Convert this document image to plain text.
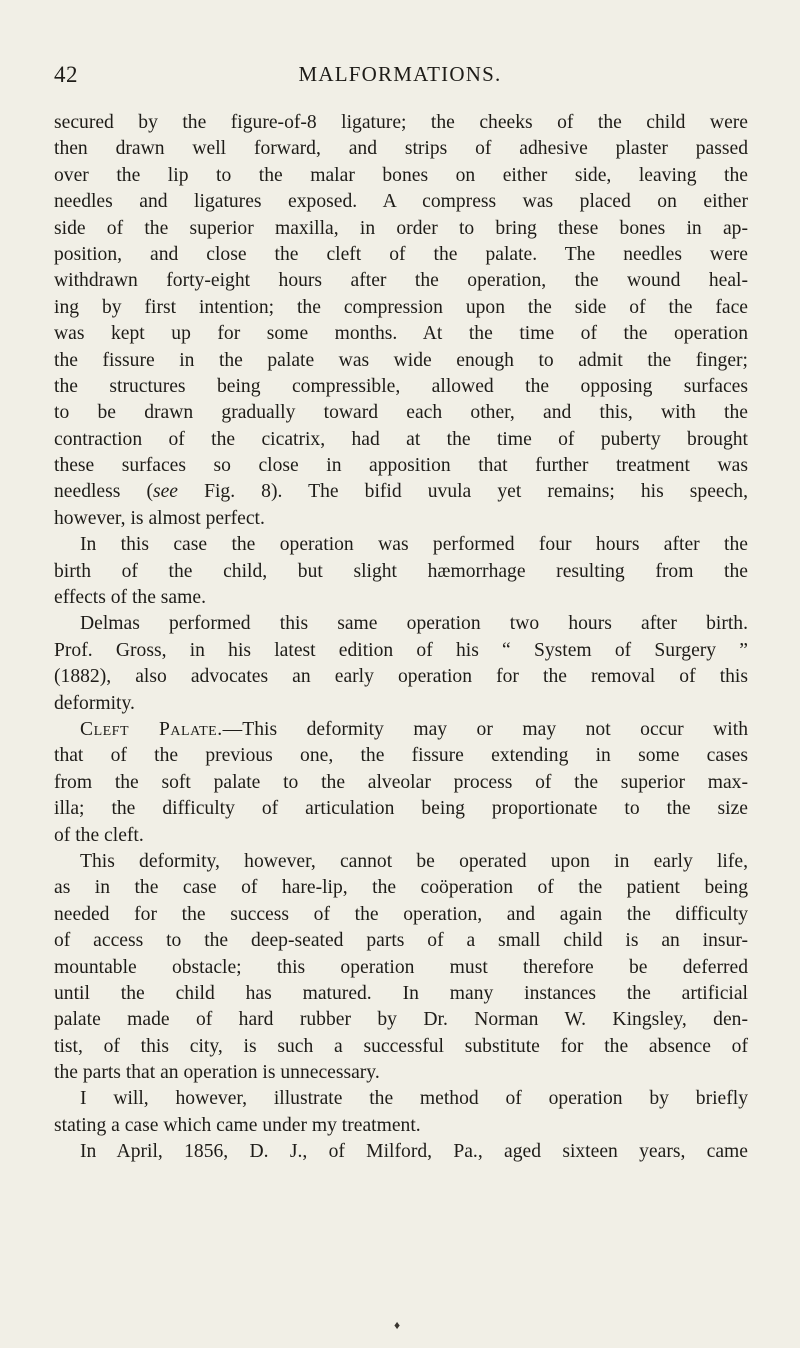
42	MALFORMATIONS.
secured by the figure-of-8 ligature; the cheeks of the child were
then drawn well forward, and strips of adhesive plaster passed
over the lip to the malar bones on either side, leaving the
needles and ligatures exposed. A compress was placed on either
side of the superior maxilla, in order to bring these bones in ap-
position, and close the cleft of the palate. The needles were
withdrawn forty-eight hours after the operation, the wound heal-
ing by first intention; the compression upon the side of the face
was kept up for some months. At the time of the operation
the fissure in the palate was wide enough to admit the finger;
the structures being compressible, allowed the opposing surfaces
to be drawn gradually toward each other, and this, with the
contraction of the cicatrix, had at the time of puberty brought
these surfaces so close in apposition that further treatment was
needless (see Fig. 8). The bifid uvula yet remains; his speech,
however, is almost perfect.
In this case the operation was performed four hours after the
birth of the child, but slight hæmorrhage resulting from the
effects of the same.
Delmas performed this same operation two hours after birth.
Prof. Gross, in his latest edition of his “ System of Surgery ”
(1882), also advocates an early operation for the removal of this
deformity.
Cleft Palate.—This deformity may or may not occur with
that of the previous one, the fissure extending in some cases
from the soft palate to the alveolar process of the superior max-
illa; the difficulty of articulation being proportionate to the size
of the cleft.
This deformity, however, cannot be operated upon in early life,
as in the case of hare-lip, the coöperation of the patient being
needed for the success of the operation, and again the difficulty
of access to the deep-seated parts of a small child is an insur-
mountable obstacle; this operation must therefore be deferred
until the child has matured. In many instances the artificial
palate made of hard rubber by Dr. Norman W. Kingsley, den-
tist, of this city, is such a successful substitute for the absence of
the parts that an operation is unnecessary.
I will, however, illustrate the method of operation by briefly
stating a case which came under my treatment.
In April, 1856, D. J., of Milford, Pa., aged sixteen years, came
♦
